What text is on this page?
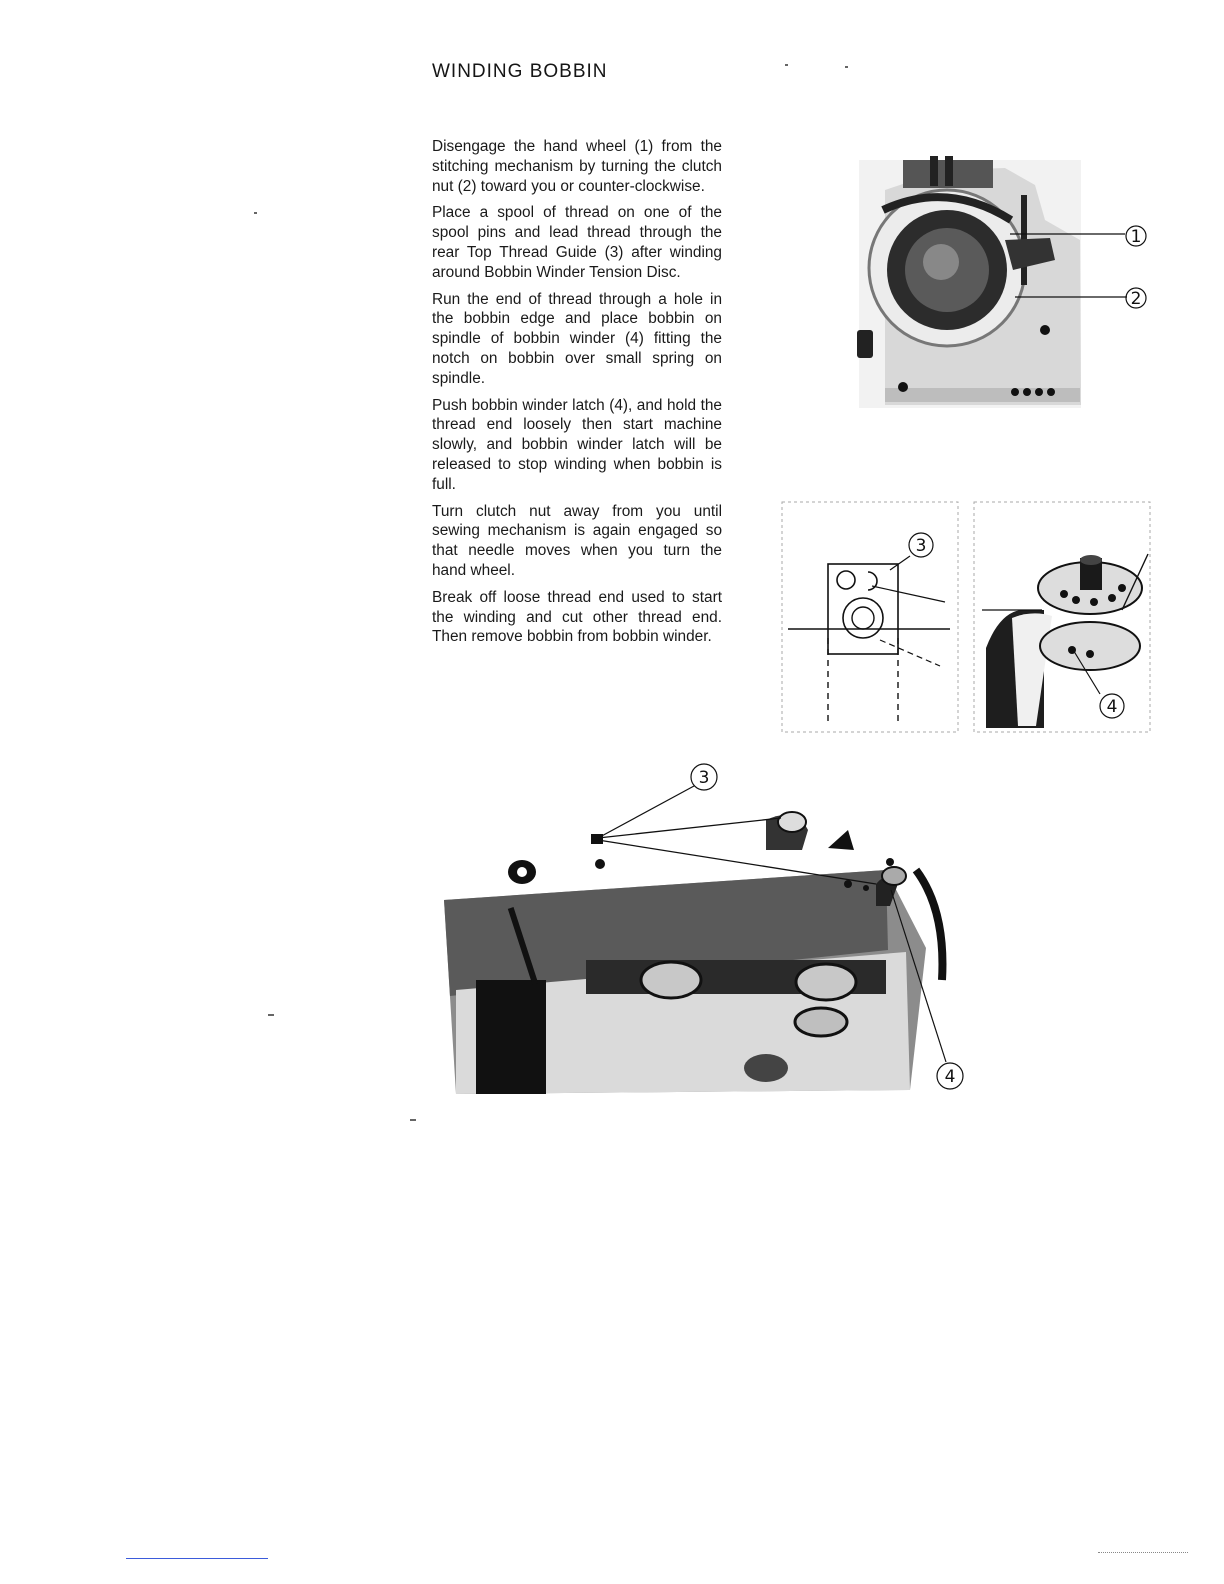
WINDING BOBBIN

Disengage the hand wheel (1) from the stitching mechanism by turning the clutch nut (2) toward you or counter-clockwise.

Place a spool of thread on one of the spool pins and lead thread through the rear Top Thread Guide (3) after winding around Bobbin Winder Tension Disc.

Run the end of thread through a hole in the bobbin edge and place bobbin on spindle of bobbin winder (4) fitting the notch on bobbin over small spring on spindle.

Push bobbin winder latch (4), and hold the thread end loosely then start machine slowly, and bobbin winder latch will be released to stop winding when bobbin is full.

Turn clutch nut away from you until sewing mechanism is again engaged so that needle moves when you turn the hand wheel.

Break off loose thread end used to start the winding and cut other thread end. Then remove bobbin from bobbin winder.

1
2
3
4
3
4
